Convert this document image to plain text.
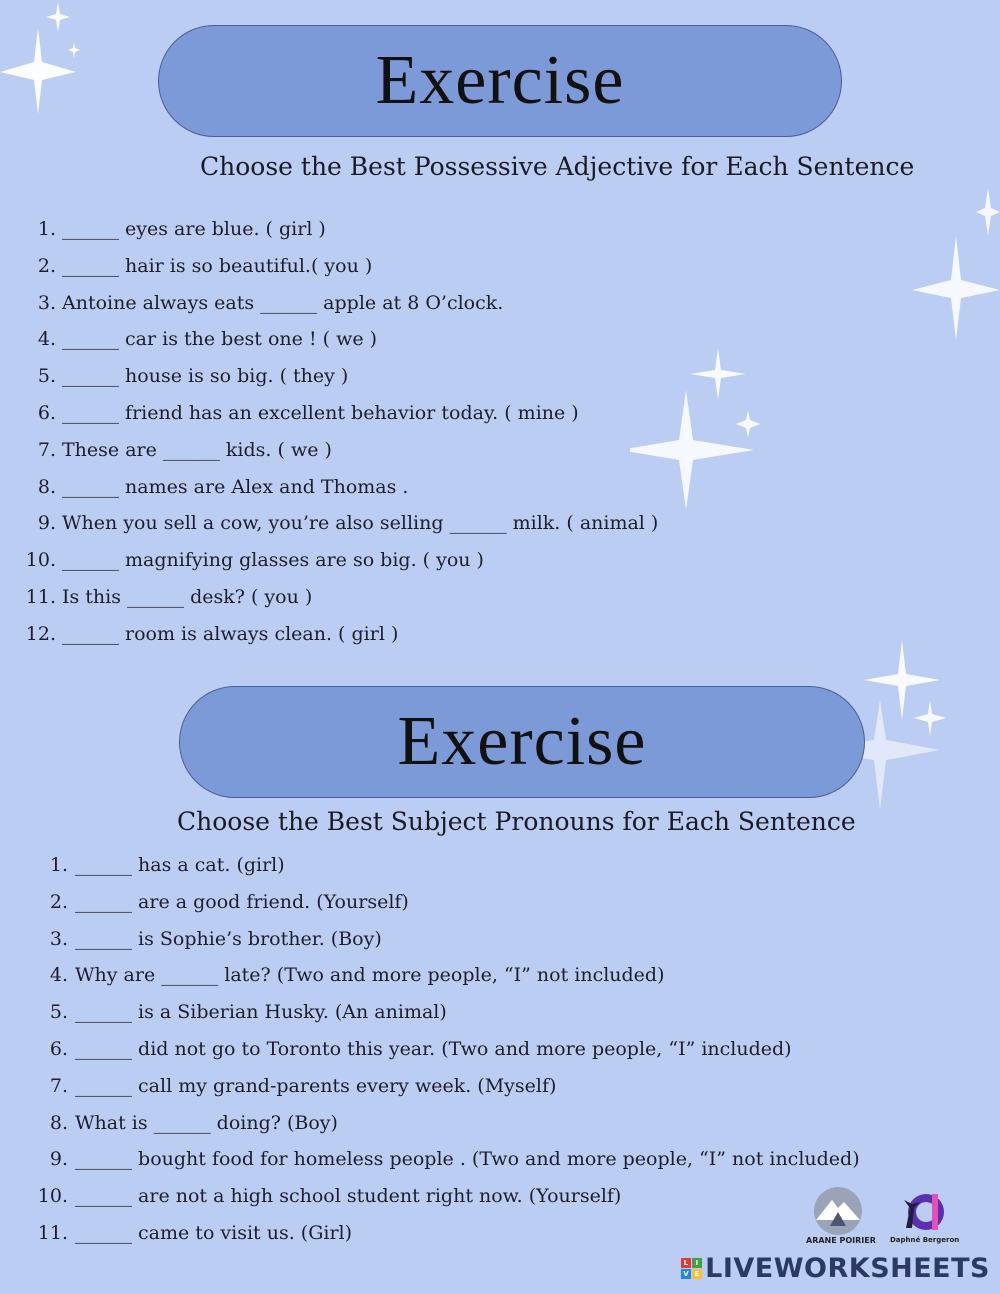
Exercise
Choose the Best Possessive Adjective for Each Sentence
1. ______ eyes are blue. ( girl )
2. ______ hair is so beautiful.( you )
3. Antoine always eats ______ apple at 8 O’clock.
4. ______ car is the best one ! ( we )
5. ______ house is so big. ( they )
6. ______ friend has an excellent behavior today. ( mine )
7. These are ______ kids. ( we )
8. ______ names are Alex and Thomas .
9. When you sell a cow, you’re also selling ______ milk. ( animal )
10. ______ magnifying glasses are so big. ( you )
11. Is this ______ desk? ( you )
12. ______ room is always clean. ( girl )
Exercise
Choose the Best Subject Pronouns for Each Sentence
1. ______ has a cat. (girl)
2. ______ are a good friend. (Yourself)
3. ______ is Sophie’s brother. (Boy)
4. Why are ______ late? (Two and more people, “I” not included)
5. ______ is a Siberian Husky. (An animal)
6. ______ did not go to Toronto this year. (Two and more people, “I” included)
7. ______ call my grand-parents every week. (Myself)
8. What is ______ doing? (Boy)
9. ______ bought food for homeless people . (Two and more people, “I” not included)
10. ______ are not a high school student right now. (Yourself)
11. ______ came to visit us. (Girl)	ARANE POIRIER Daphné Bergeron
L I
V E LIVEWORKSHEETS
